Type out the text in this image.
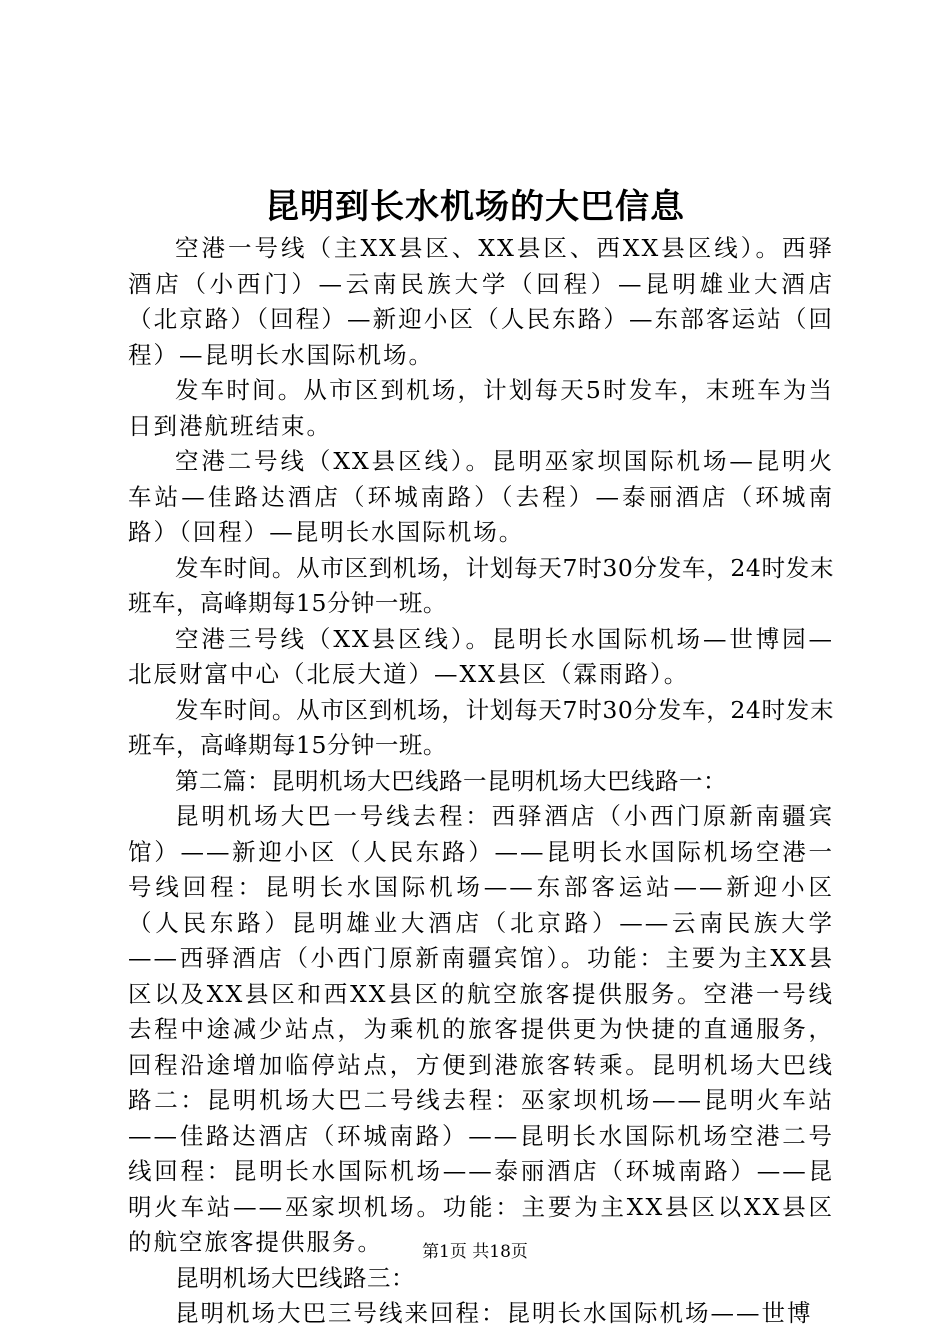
昆明到长水机场的大巴信息

空港一号线（主XX县区、XX县区、西XX县区线）。西驿酒店（小西门）—云南民族大学（回程）—昆明雄业大酒店（北京路）（回程）—新迎小区（人民东路）—东部客运站（回程）—昆明长水国际机场。

发车时间。从市区到机场，计划每天5时发车，末班车为当日到港航班结束。

空港二号线（XX县区线）。昆明巫家坝国际机场—昆明火车站—佳路达酒店（环城南路）（去程）—泰丽酒店（环城南路）（回程）—昆明长水国际机场。

发车时间。从市区到机场，计划每天7时30分发车，24时发末班车，高峰期每15分钟一班。

空港三号线（XX县区线）。昆明长水国际机场—世博园—北辰财富中心（北辰大道）—XX县区（霖雨路）。

发车时间。从市区到机场，计划每天7时30分发车，24时发末班车，高峰期每15分钟一班。

第二篇：昆明机场大巴线路一昆明机场大巴线路一：

昆明机场大巴一号线去程：西驿酒店（小西门原新南疆宾馆）——新迎小区（人民东路）——昆明长水国际机场空港一号线回程：昆明长水国际机场——东部客运站——新迎小区（人民东路）昆明雄业大酒店（北京路）——云南民族大学——西驿酒店（小西门原新南疆宾馆）。功能：主要为主XX县区以及XX县区和西XX县区的航空旅客提供服务。空港一号线去程中途减少站点，为乘机的旅客提供更为快捷的直通服务，回程沿途增加临停站点，方便到港旅客转乘。昆明机场大巴线路二：昆明机场大巴二号线去程：巫家坝机场——昆明火车站——佳路达酒店（环城南路）——昆明长水国际机场空港二号线回程：昆明长水国际机场——泰丽酒店（环城南路）——昆明火车站——巫家坝机场。功能：主要为主XX县区以XX县区的航空旅客提供服务。

昆明机场大巴线路三：

昆明机场大巴三号线来回程：昆明长水国际机场——世博

第1页 共18页
